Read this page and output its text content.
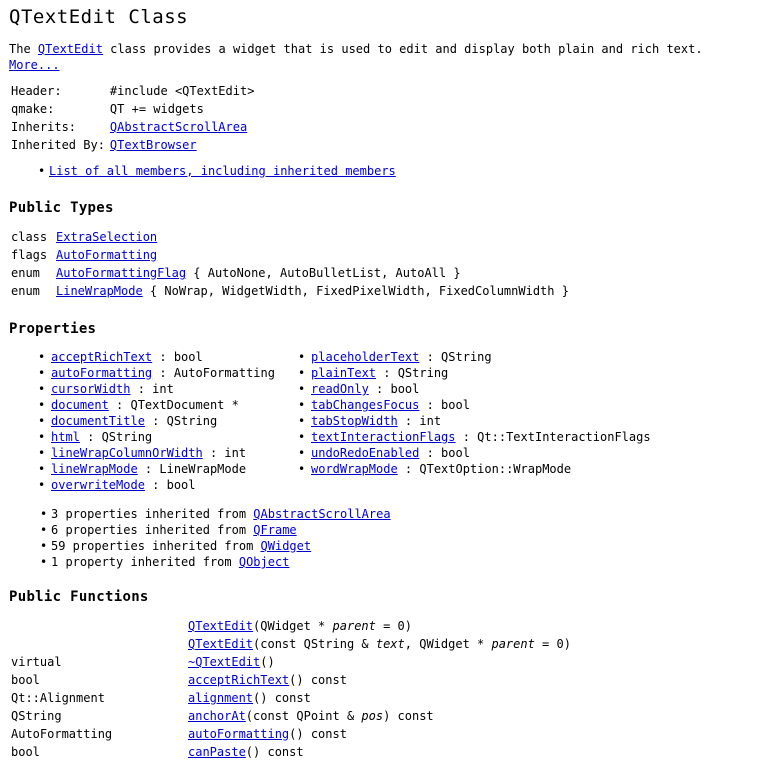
QTextEdit Class

The QTextEdit class provides a widget that is used to edit and display both plain and rich text. More...

Header:	#include <QTextEdit>
qmake:	QT += widgets
Inherits:	QAbstractScrollArea
Inherited By:	QTextBrowser
• List of all members, including inherited members
Public Types
class	ExtraSelection
flags	AutoFormatting
enum	AutoFormattingFlag { AutoNone, AutoBulletList, AutoAll }
enum	LineWrapMode { NoWrap, WidgetWidth, FixedPixelWidth, FixedColumnWidth }
Properties
• acceptRichText : bool
• autoFormatting : AutoFormatting
• cursorWidth : int
• document : QTextDocument *
• documentTitle : QString
• html : QString
• lineWrapColumnOrWidth : int
• lineWrapMode : LineWrapMode
• overwriteMode : bool
• placeholderText : QString
• plainText : QString
• readOnly : bool
• tabChangesFocus : bool
• tabStopWidth : int
• textInteractionFlags : Qt::TextInteractionFlags
• undoRedoEnabled : bool
• wordWrapMode : QTextOption::WrapMode
• 3 properties inherited from QAbstractScrollArea
• 6 properties inherited from QFrame
• 59 properties inherited from QWidget
• 1 property inherited from QObject
Public Functions
	QTextEdit(QWidget * parent = 0)
	QTextEdit(const QString & text, QWidget * parent = 0)
virtual	~QTextEdit()
bool	acceptRichText() const
Qt::Alignment	alignment() const
QString	anchorAt(const QPoint & pos) const
AutoFormatting	autoFormatting() const
bool	canPaste() const
